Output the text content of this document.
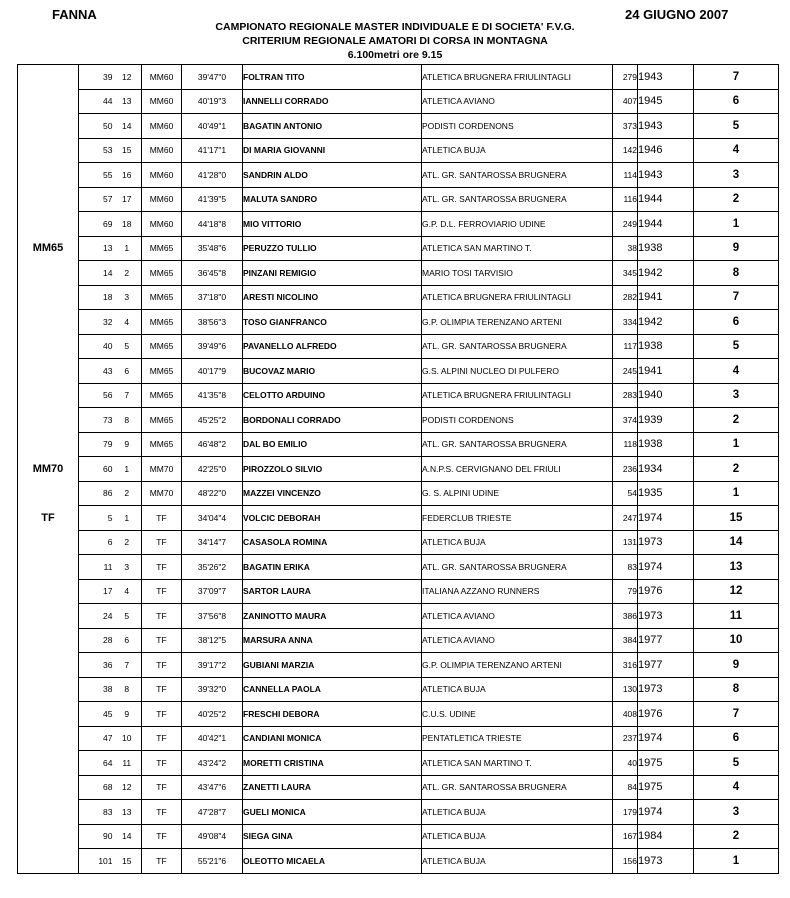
FANNA	24 GIUGNO 2007
CAMPIONATO REGIONALE MASTER INDIVIDUALE E DI SOCIETA' F.V.G.
CRITERIUM REGIONALE AMATORI DI CORSA IN MONTAGNA
6.100metri ore 9.15
	39	12	MM60	39'47"0	FOLTRAN TITO	ATLETICA BRUGNERA FRIULINTAGLI	279	1943	7
	44	13	MM60	40'19"3	IANNELLI CORRADO	ATLETICA AVIANO	407	1945	6
	50	14	MM60	40'49"1	BAGATIN ANTONIO	PODISTI CORDENONS	373	1943	5
	53	15	MM60	41'17"1	DI MARIA GIOVANNI	ATLETICA BUJA	142	1946	4
	55	16	MM60	41'28"0	SANDRIN ALDO	ATL. GR. SANTAROSSA BRUGNERA	114	1943	3
	57	17	MM60	41'39"5	MALUTA SANDRO	ATL. GR. SANTAROSSA BRUGNERA	116	1944	2
	69	18	MM60	44'18"8	MIO VITTORIO	G.P. D.L. FERROVIARIO UDINE	249	1944	1
MM65	13	1	MM65	35'48"6	PERUZZO TULLIO	ATLETICA SAN MARTINO T.	38	1938	9
	14	2	MM65	36'45"8	PINZANI REMIGIO	MARIO TOSI TARVISIO	345	1942	8
	18	3	MM65	37'18"0	ARESTI NICOLINO	ATLETICA BRUGNERA FRIULINTAGLI	282	1941	7
	32	4	MM65	38'56"3	TOSO GIANFRANCO	G.P. OLIMPIA TERENZANO ARTENI	334	1942	6
	40	5	MM65	39'49"6	PAVANELLO ALFREDO	ATL. GR. SANTAROSSA BRUGNERA	117	1938	5
	43	6	MM65	40'17"9	BUCOVAZ MARIO	G.S. ALPINI NUCLEO DI PULFERO	245	1941	4
	56	7	MM65	41'35"8	CELOTTO ARDUINO	ATLETICA BRUGNERA FRIULINTAGLI	283	1940	3
	73	8	MM65	45'25"2	BORDONALI CORRADO	PODISTI CORDENONS	374	1939	2
	79	9	MM65	46'48"2	DAL BO EMILIO	ATL. GR. SANTAROSSA BRUGNERA	118	1938	1
MM70	60	1	MM70	42'25"0	PIROZZOLO SILVIO	A.N.P.S. CERVIGNANO DEL FRIULI	236	1934	2
	86	2	MM70	48'22"0	MAZZEI VINCENZO	G. S. ALPINI UDINE	54	1935	1
TF	5	1	TF	34'04"4	VOLCIC DEBORAH	FEDERCLUB TRIESTE	247	1974	15
	6	2	TF	34'14"7	CASASOLA ROMINA	ATLETICA BUJA	131	1973	14
	11	3	TF	35'26"2	BAGATIN ERIKA	ATL. GR. SANTAROSSA BRUGNERA	83	1974	13
	17	4	TF	37'09"7	SARTOR LAURA	ITALIANA AZZANO RUNNERS	79	1976	12
	24	5	TF	37'56"8	ZANINOTTO MAURA	ATLETICA AVIANO	386	1973	11
	28	6	TF	38'12"5	MARSURA ANNA	ATLETICA AVIANO	384	1977	10
	36	7	TF	39'17"2	GUBIANI MARZIA	G.P. OLIMPIA TERENZANO ARTENI	316	1977	9
	38	8	TF	39'32"0	CANNELLA PAOLA	ATLETICA BUJA	130	1973	8
	45	9	TF	40'25"2	FRESCHI DEBORA	C.U.S. UDINE	408	1976	7
	47	10	TF	40'42"1	CANDIANI MONICA	PENTATLETICA TRIESTE	237	1974	6
	64	11	TF	43'24"2	MORETTI CRISTINA	ATLETICA SAN MARTINO T.	40	1975	5
	68	12	TF	43'47"6	ZANETTI LAURA	ATL. GR. SANTAROSSA BRUGNERA	84	1975	4
	83	13	TF	47'28"7	GUELI MONICA	ATLETICA BUJA	179	1974	3
	90	14	TF	49'08"4	SIEGA GINA	ATLETICA BUJA	167	1984	2
	101	15	TF	55'21"6	OLEOTTO MICAELA	ATLETICA BUJA	156	1973	1
